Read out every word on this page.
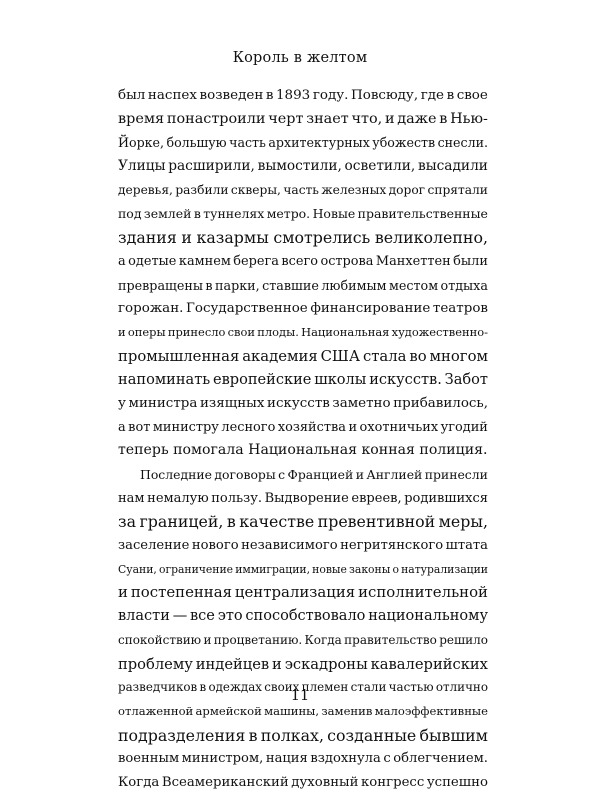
Король в желтом
был наспех возведен в 1893 году. Повсюду, где в свое
время понастроили черт знает что, и даже в Нью-
Йорке, большую часть архитектурных убожеств снесли.
Улицы расширили, вымостили, осветили, высадили
деревья, разбили скверы, часть железных дорог спрятали
под землей в туннелях метро. Новые правительственные
здания и казармы смотрелись великолепно,
а одетые камнем берега всего острова Манхеттен были
превращены в парки, ставшие любимым местом отдыха
горожан. Государственное финансирование театров
и оперы принесло свои плоды. Национальная художественно-
промышленная академия США стала во многом
напоминать европейские школы искусств. Забот
у министра изящных искусств заметно прибавилось,
а вот министру лесного хозяйства и охотничьих угодий
теперь помогала Национальная конная полиция.
Последние договоры с Францией и Англией принесли
нам немалую пользу. Выдворение евреев, родившихся
за границей, в качестве превентивной меры,
заселение нового независимого негритянского штата
Суани, ограничение иммиграции, новые законы о натурализации
и постепенная централизация исполнительной
власти — все это способствовало национальному
спокойствию и процветанию. Когда правительство решило
проблему индейцев и эскадроны кавалерийских
разведчиков в одеждах своих племен стали частью отлично
отлаженной армейской машины, заменив малоэффективные
подразделения в полках, созданные бывшим
военным министром, нация вздохнула с облегчением.
Когда Всеамериканский духовный конгресс успешно
11
